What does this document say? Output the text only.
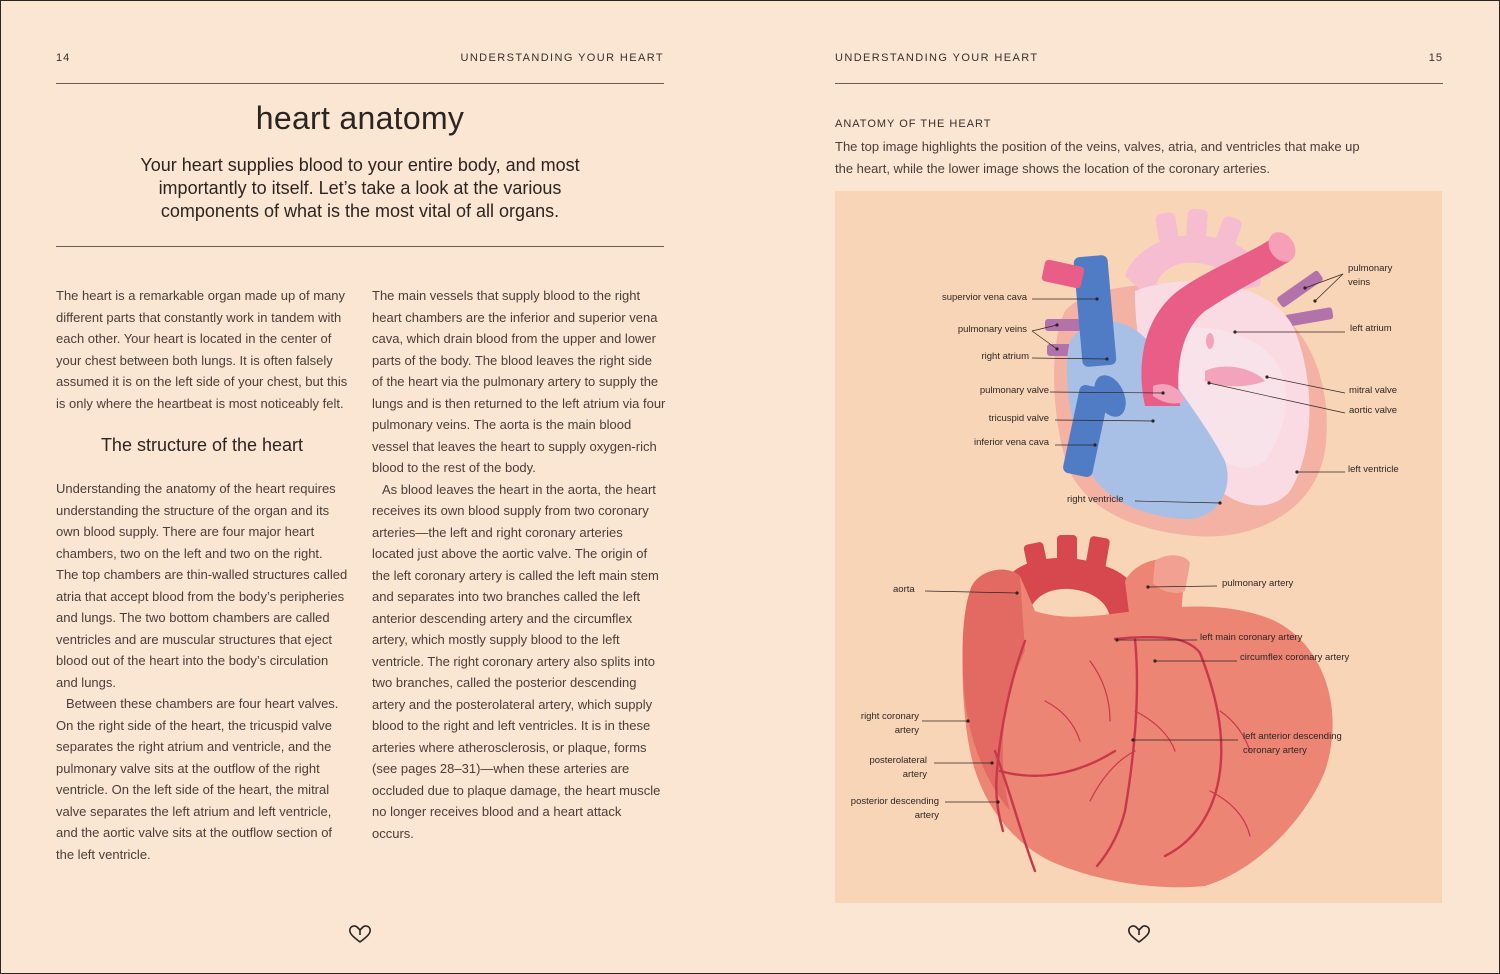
14	UNDERSTANDING YOUR HEART
heart anatomy
Your heart supplies blood to your entire body, and most importantly to itself. Let’s take a look at the various components of what is the most vital of all organs.

The heart is a remarkable organ made up of many different parts that constantly work in tandem with each other. Your heart is located in the center of your chest between both lungs. It is often falsely assumed it is on the left side of your chest, but this is only where the heartbeat is most noticeably felt.

The structure of the heart

Understanding the anatomy of the heart requires understanding the structure of the organ and its own blood supply. There are four major heart chambers, two on the left and two on the right. The top chambers are thin-walled structures called atria that accept blood from the body’s peripheries and lungs. The two bottom chambers are called ventricles and are muscular structures that eject blood out of the heart into the body’s circulation and lungs.

Between these chambers are four heart valves. On the right side of the heart, the tricuspid valve separates the right atrium and ventricle, and the pulmonary valve sits at the outflow of the right ventricle. On the left side of the heart, the mitral valve separates the left atrium and left ventricle, and the aortic valve sits at the outflow section of the left ventricle.

The main vessels that supply blood to the right heart chambers are the inferior and superior vena cava, which drain blood from the upper and lower parts of the body. The blood leaves the right side of the heart via the pulmonary artery to supply the lungs and is then returned to the left atrium via four pulmonary veins. The aorta is the main blood vessel that leaves the heart to supply oxygen-rich blood to the rest of the body.

As blood leaves the heart in the aorta, the heart receives its own blood supply from two coronary arteries—the left and right coronary arteries located just above the aortic valve. The origin of the left coronary artery is called the left main stem and separates into two branches called the left anterior descending artery and the circumflex artery, which mostly supply blood to the left ventricle. The right coronary artery also splits into two branches, called the posterior descending artery and the posterolateral artery, which supply blood to the right and left ventricles. It is in these arteries where atherosclerosis, or plaque, forms (see pages 28–31)—when these arteries are occluded due to plaque damage, the heart muscle no longer receives blood and a heart attack occurs.

UNDERSTANDING YOUR HEART	15
ANATOMY OF THE HEART
The top image highlights the position of the veins, valves, atria, and ventricles that make up the heart, while the lower image shows the location of the coronary arteries.
supervior vena cava
pulmonary veins
right atrium
pulmonary valve
tricuspid valve
inferior vena cava
right ventricle
pulmonary veins
left atrium
mitral valve
aortic valve
left ventricle
aorta
pulmonary artery
left main coronary artery
circumflex coronary artery
right coronary artery
left anterior descending coronary artery
posterolateral artery
posterior descending artery
